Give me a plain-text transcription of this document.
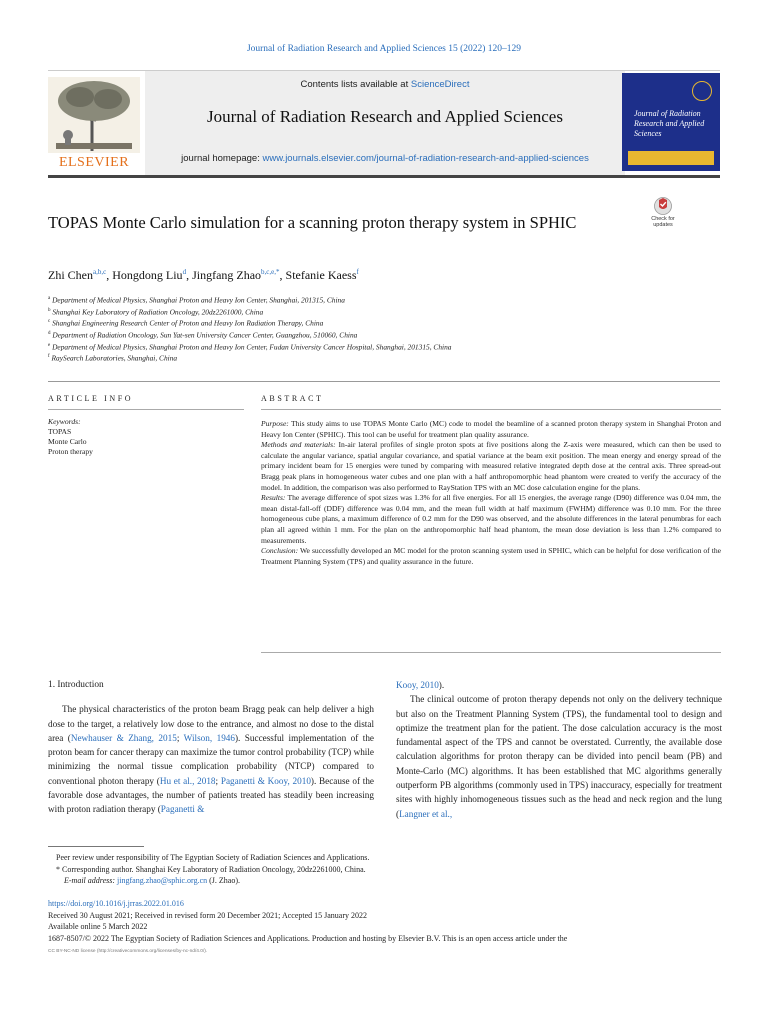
Journal of Radiation Research and Applied Sciences 15 (2022) 120–129
ELSEVIER
Contents lists available at ScienceDirect
Journal of Radiation Research and Applied Sciences
journal homepage: www.journals.elsevier.com/journal-of-radiation-research-and-applied-sciences
Journal of Radiation Research and Applied Sciences
TOPAS Monte Carlo simulation for a scanning proton therapy system in SPHIC	Check for updates
Zhi Chen$^{a,b,c}$, Hongdong Liu$^d$, Jingfang Zhao$^{b,c,e,*}$, Stefanie Kaess$^f$
$^a$ Department of Medical Physics, Shanghai Proton and Heavy Ion Center, Shanghai, 201315, China
$^b$ Shanghai Key Laboratory of Radiation Oncology, 20dz2261000, China
$^c$ Shanghai Engineering Research Center of Proton and Heavy Ion Radiation Therapy, China
$^d$ Department of Radiation Oncology, Sun Yat-sen University Cancer Center, Guangzhou, 510060, China
$^e$ Department of Medical Physics, Shanghai Proton and Heavy Ion Center, Fudan University Cancer Hospital, Shanghai, 201315, China
$^f$ RaySearch Laboratories, Shanghai, China
ARTICLE INFO	ABSTRACT
Keywords:
TOPAS
Monte Carlo
Proton therapy
Purpose: This study aims to use TOPAS Monte Carlo (MC) code to model the beamline of a scanned proton therapy system in Shanghai Proton and Heavy Ion Center (SPHIC). This tool can be useful for treatment plan quality assurance.
Methods and materials: In-air lateral profiles of single proton spots at five positions along the Z-axis were measured, which can then be used to calculate the angular variance, spatial angular covariance, and spatial variance at the beam exit position. The mean energy and energy spread of the primary incident beam for 15 energies were tuned by comparing with measured relative integrated depth dose at the central axis. Three spread-out Bragg peak plans in homogeneous water cubes and one plan with a half anthropomorphic head phantom were created to verify the accuracy of the model. In addition, the comparison was also performed to RayStation TPS with an MC dose calculation engine for the plans.
Results: The average difference of spot sizes was 1.3% for all five energies. For all 15 energies, the average range (D90) difference was 0.04 mm, the mean distal-fall-off (DDF) difference was 0.04 mm, and the mean full width at half maximum (FWHM) difference was 0.10 mm. For the three homogeneous cube plans, a maximum difference of 0.2 mm for the D90 was observed, and the absolute differences in the lateral penumbras for each plan all agreed within 1 mm. For the plan on the anthropomorphic half head phantom, the mean dose deviation is less than 1.2% compared to measurements.
Conclusion: We successfully developed an MC model for the proton scanning system used in SPHIC, which can be helpful for dose verification of the Treatment Planning System (TPS) and quality assurance in the future.
1. Introduction

The physical characteristics of the proton beam Bragg peak can help deliver a high dose to the target, a relatively low dose to the entrance, and almost no dose to the distal area (Newhauser & Zhang, 2015; Wilson, 1946). Successful implementation of the proton beam for cancer therapy can maximize the tumor control probability (TCP) while minimizing the normal tissue complication probability (NTCP) compared to conventional photon therapy (Hu et al., 2018; Paganetti & Kooy, 2010). Because of the favorable dose advantages, the number of patients treated has steadily been increasing with proton radiation therapy (Paganetti &

Kooy, 2010).

The clinical outcome of proton therapy depends not only on the delivery technique but also on the Treatment Planning System (TPS), the fundamental tool to design and optimize the treatment plan for the patient. The dose calculation accuracy is the most fundamental aspect of the TPS and cannot be overstated. Currently, the available dose calculation algorithms for proton therapy can be divided into pencil beam (PB) and Monte-Carlo (MC) algorithms. It has been established that MC algorithms generally outperform PB algorithms (commonly used in TPS) inaccuracy, especially for treatment sites with highly inhomogeneous tissues such as the head and neck region and the lung (Langner et al.,

Peer review under responsibility of The Egyptian Society of Radiation Sciences and Applications.
* Corresponding author. Shanghai Key Laboratory of Radiation Oncology, 20dz2261000, China.
E-mail address: jingfang.zhao@sphic.org.cn (J. Zhao).
https://doi.org/10.1016/j.jrras.2022.01.016
Received 30 August 2021; Received in revised form 20 December 2021; Accepted 15 January 2022
Available online 5 March 2022
1687-8507/© 2022 The Egyptian Society of Radiation Sciences and Applications. Production and hosting by Elsevier B.V. This is an open access article under the
CC BY-NC-ND license (http://creativecommons.org/licenses/by-nc-nd/4.0/).
